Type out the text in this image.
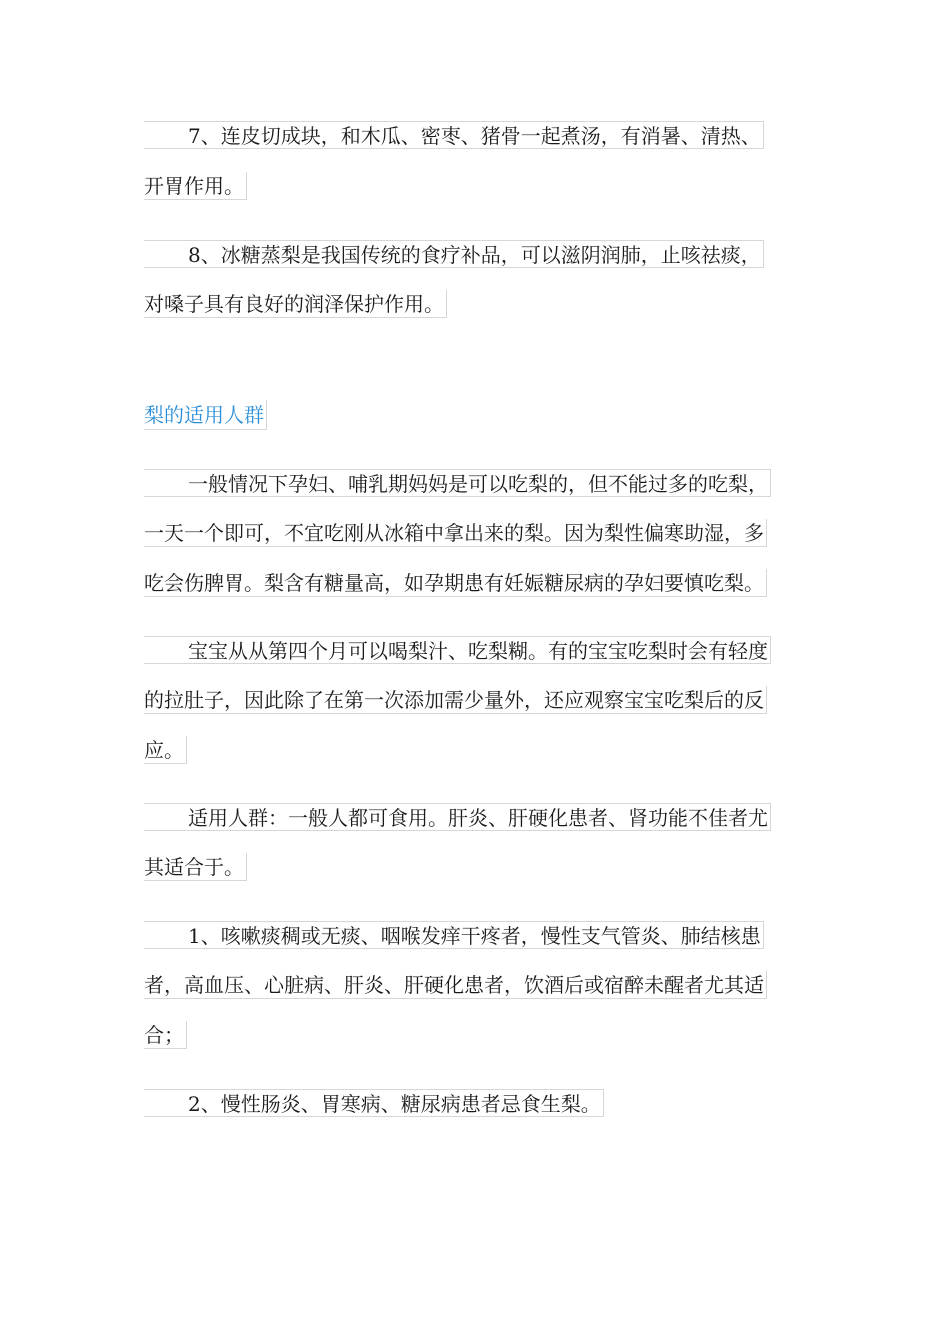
7、连皮切成块，和木瓜、密枣、猪骨一起煮汤，有消暑、清热、
开胃作用。
8、冰糖蒸梨是我国传统的食疗补品，可以滋阴润肺，止咳祛痰，
对嗓子具有良好的润泽保护作用。
梨的适用人群
一般情况下孕妇、哺乳期妈妈是可以吃梨的，但不能过多的吃梨，
一天一个即可，不宜吃刚从冰箱中拿出来的梨。因为梨性偏寒助湿，多
吃会伤脾胃。梨含有糖量高，如孕期患有妊娠糖尿病的孕妇要慎吃梨。
宝宝从从第四个月可以喝梨汁、吃梨糊。有的宝宝吃梨时会有轻度
的拉肚子，因此除了在第一次添加需少量外，还应观察宝宝吃梨后的反
应。
适用人群：一般人都可食用。肝炎、肝硬化患者、肾功能不佳者尤
其适合于。
1、咳嗽痰稠或无痰、咽喉发痒干疼者，慢性支气管炎、肺结核患
者，高血压、心脏病、肝炎、肝硬化患者，饮酒后或宿醉未醒者尤其适
合；
2、慢性肠炎、胃寒病、糖尿病患者忌食生梨。
